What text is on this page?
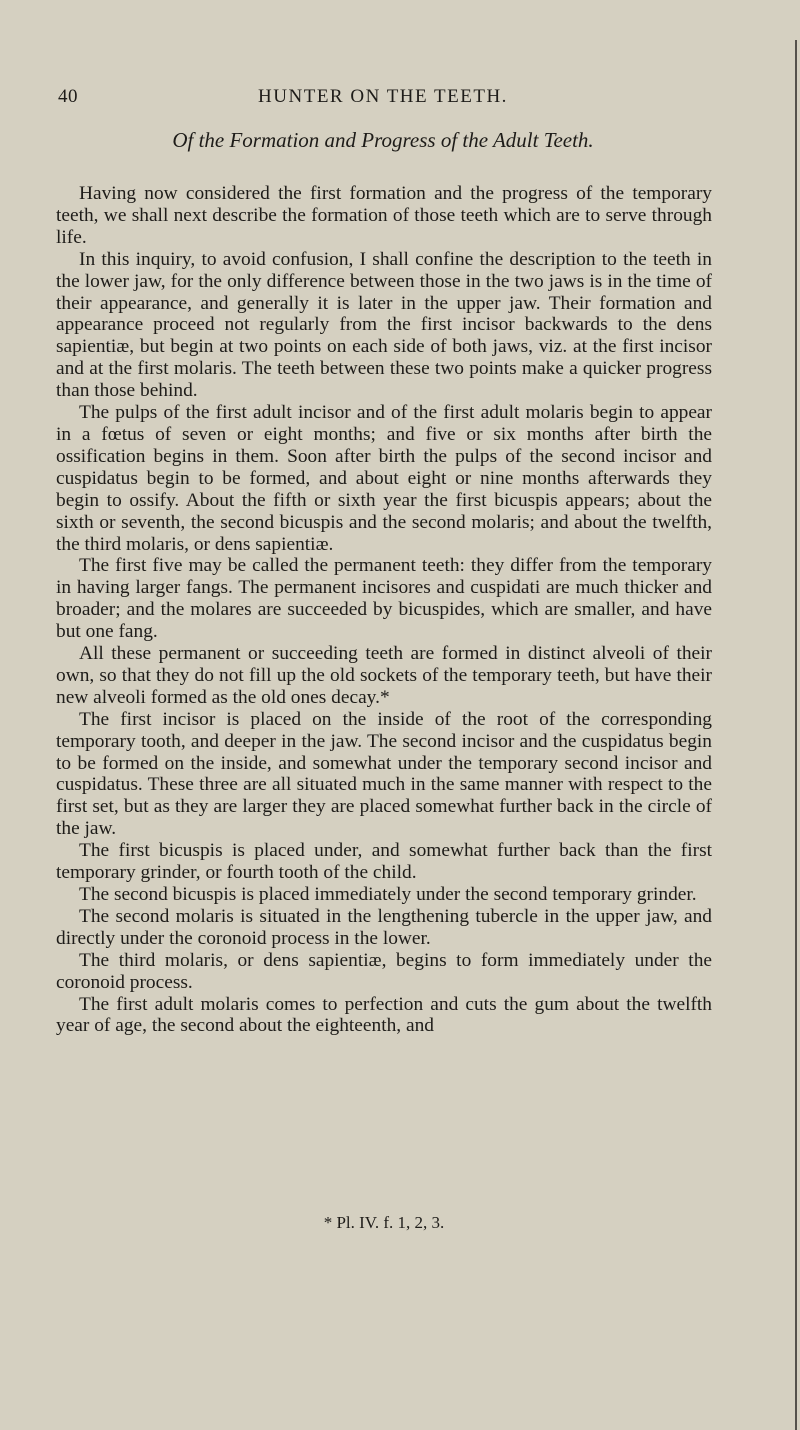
40	HUNTER ON THE TEETH.
Of the Formation and Progress of the Adult Teeth.

Having now considered the first formation and the progress of the temporary teeth, we shall next describe the formation of those teeth which are to serve through life.

In this inquiry, to avoid confusion, I shall confine the description to the teeth in the lower jaw, for the only difference between those in the two jaws is in the time of their appearance, and generally it is later in the upper jaw. Their formation and appearance proceed not regularly from the first incisor backwards to the dens sapientiæ, but begin at two points on each side of both jaws, viz. at the first incisor and at the first molaris. The teeth between these two points make a quicker progress than those behind.

The pulps of the first adult incisor and of the first adult molaris begin to appear in a fœtus of seven or eight months; and five or six months after birth the ossification begins in them. Soon after birth the pulps of the second incisor and cuspidatus begin to be formed, and about eight or nine months afterwards they begin to ossify. About the fifth or sixth year the first bicuspis appears; about the sixth or seventh, the second bicuspis and the second molaris; and about the twelfth, the third molaris, or dens sapientiæ.

The first five may be called the permanent teeth: they differ from the temporary in having larger fangs. The permanent incisores and cuspidati are much thicker and broader; and the molares are succeeded by bicuspides, which are smaller, and have but one fang.

All these permanent or succeeding teeth are formed in distinct alveoli of their own, so that they do not fill up the old sockets of the temporary teeth, but have their new alveoli formed as the old ones decay.*

The first incisor is placed on the inside of the root of the corresponding temporary tooth, and deeper in the jaw. The second incisor and the cuspidatus begin to be formed on the inside, and somewhat under the temporary second incisor and cuspidatus. These three are all situated much in the same manner with respect to the first set, but as they are larger they are placed somewhat further back in the circle of the jaw.

The first bicuspis is placed under, and somewhat further back than the first temporary grinder, or fourth tooth of the child.

The second bicuspis is placed immediately under the second temporary grinder.

The second molaris is situated in the lengthening tubercle in the upper jaw, and directly under the coronoid process in the lower.

The third molaris, or dens sapientiæ, begins to form immediately under the coronoid process.

The first adult molaris comes to perfection and cuts the gum about the twelfth year of age, the second about the eighteenth, and

* Pl. IV. f. 1, 2, 3.
